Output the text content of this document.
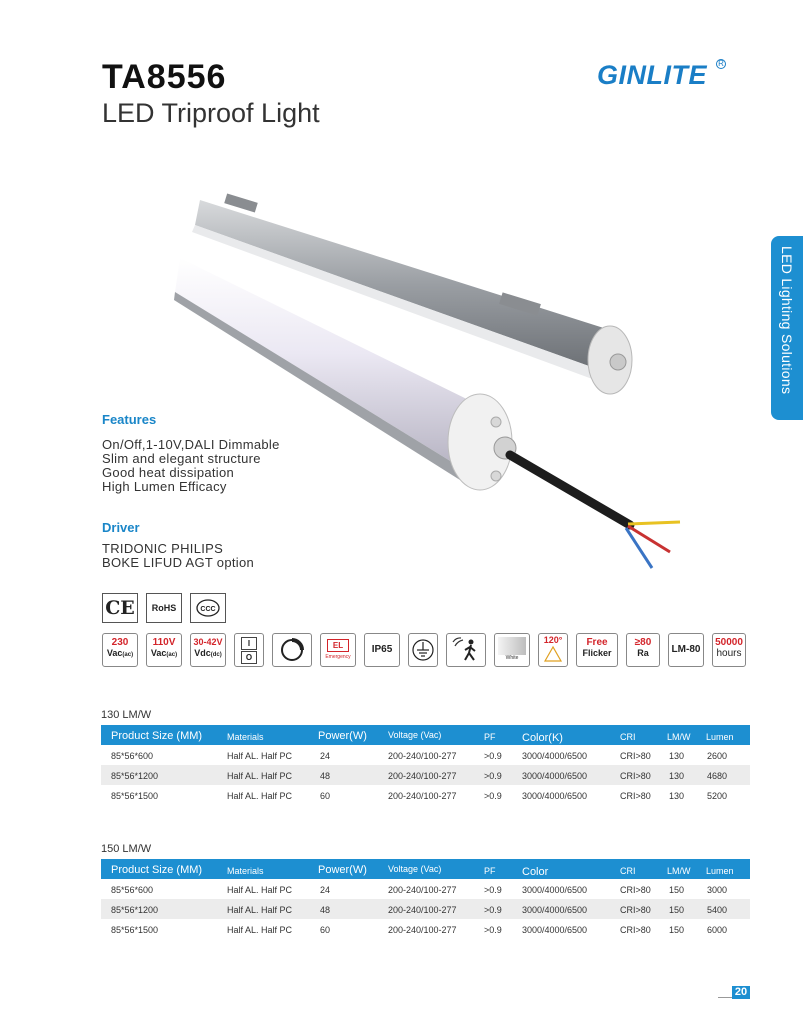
TA8556
LED Triproof Light
GINLITE R
LED Lighting Solutions
Features
On/Off,1-10V,DALI Dimmable
Slim and elegant structure
Good heat dissipation
High Lumen Efficacy
Driver
TRIDONIC PHILIPS
BOKE LIFUD AGT option
CE	RoHS	CCC
230
Vac(ac)
110V
Vac(ac)
30-42V
Vdc(dc)
I
O
EL
Emergency
IP65
White
120°	Free
Flicker
≥80
Ra	LM-80
50000
hours
130 LM/W
Product Size (MM)	Materials	Power(W) Voltage (Vac)	PF Color(K)	CRI	LM/W Lumen
85*56*600	Half AL. Half PC	24	200-240/100-277	>0.9 3000/4000/6500	CRI>80 130	2600
85*56*1200	Half AL. Half PC	48	200-240/100-277	>0.9 3000/4000/6500	CRI>80 130	4680
85*56*1500	Half AL. Half PC	60	200-240/100-277	>0.9 3000/4000/6500	CRI>80 130	5200
150 LM/W
Product Size (MM)	Materials	Power(W) Voltage (Vac)	PF Color	CRI	LM/W Lumen
85*56*600	Half AL. Half PC	24	200-240/100-277	>0.9 3000/4000/6500	CRI>80 150	3000
85*56*1200	Half AL. Half PC	48	200-240/100-277	>0.9 3000/4000/6500	CRI>80 150	5400
85*56*1500	Half AL. Half PC	60	200-240/100-277	>0.9 3000/4000/6500	CRI>80 150	6000
20
